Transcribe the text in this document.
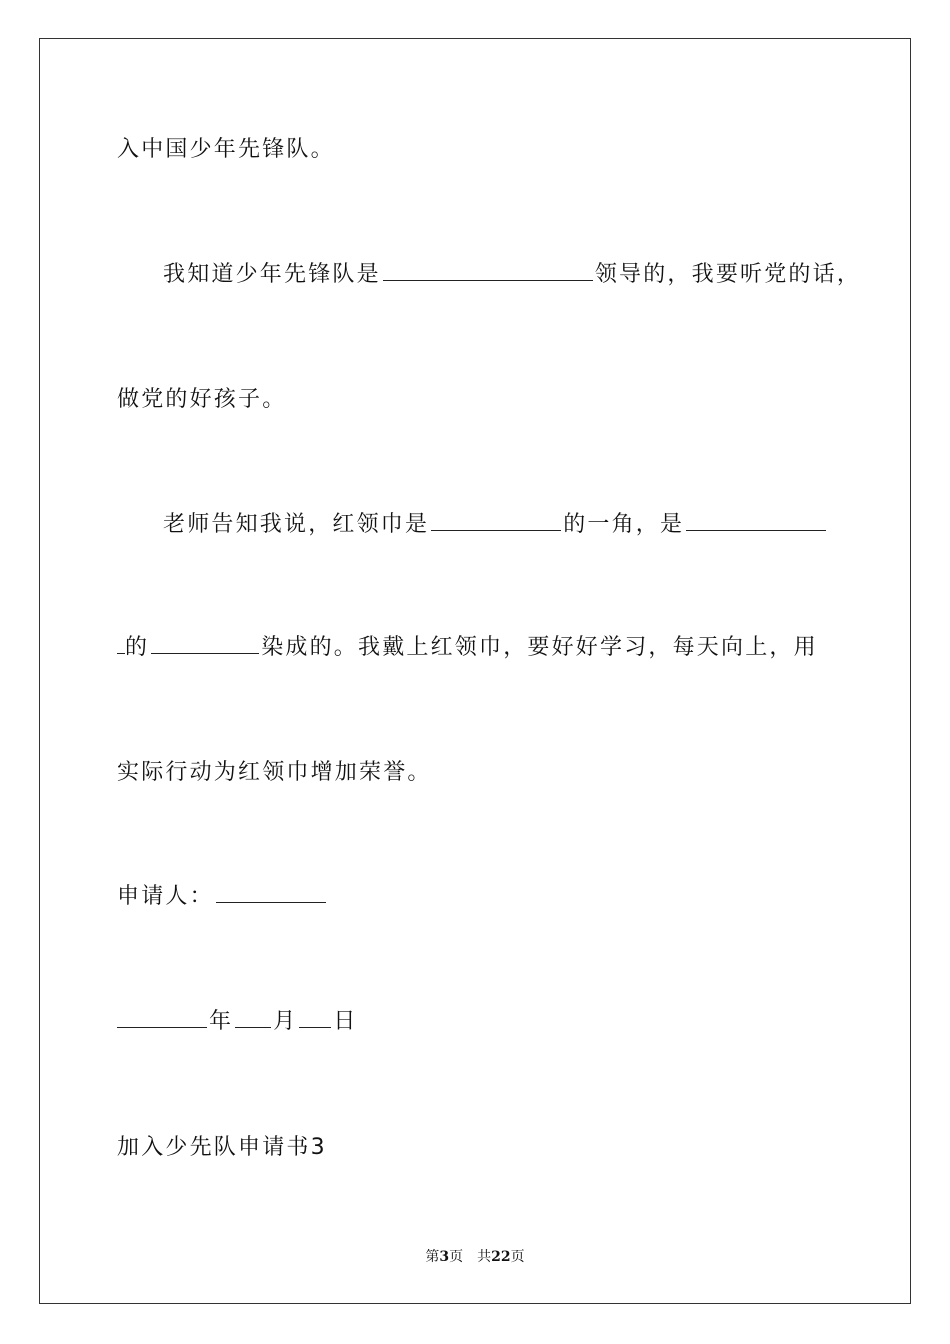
入中国少年先锋队。
我知道少年先锋队是	领导的，我要听党的话，
做党的好孩子。
老师告知我说，红领巾是	的一角，是
的	染成的。我戴上红领巾，要好好学习，每天向上，用
实际行动为红领巾增加荣誉。
申请人：
年 月 日
加入少先队申请书3
第3页 共22页
